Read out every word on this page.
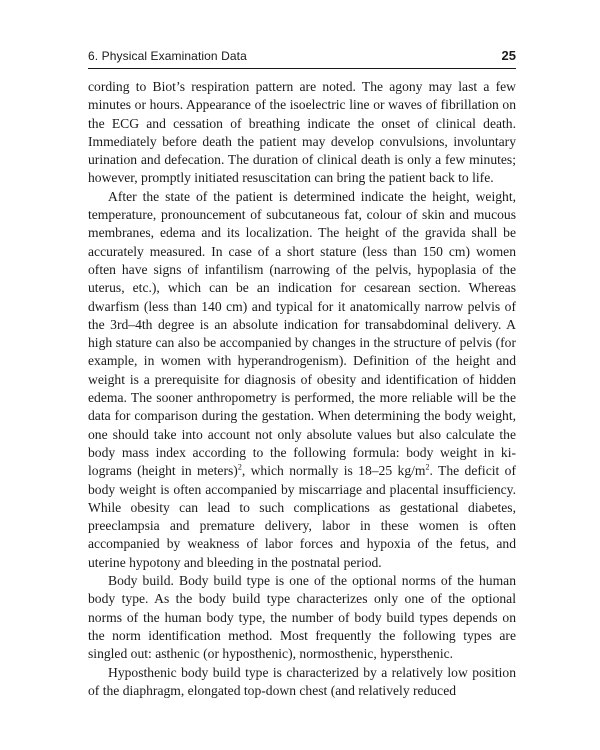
6. Physical Examination Data	25

cording to Biot’s respiration pattern are noted. The agony may last a few minutes or hours. Appearance of the isoelectric line or waves of fibrillation on the ECG and cessation of breathing indicate the onset of clinical death. Immediately before death the patient may develop convulsions, involuntary urination and defecation. The duration of clinical death is only a few minutes; however, promptly initiated resuscitation can bring the patient back to life.

After the state of the patient is determined indicate the height, weight, temperature, pronouncement of subcutaneous fat, colour of skin and mucous membranes, edema and its localization. The height of the gravida shall be accurately measured. In case of a short stature (less than 150 cm) women often have signs of infantilism (narrowing of the pelvis, hypoplasia of the uterus, etc.), which can be an indication for cesarean section. Whereas dwarfism (less than 140 cm) and typical for it anatomically narrow pelvis of the 3rd–4th degree is an absolute indication for transabdominal delivery. A high stature can also be accompanied by changes in the structure of pelvis (for example, in women with hyperandrogenism). Definition of the height and weight is a prerequisite for diagnosis of obesity and identification of hidden edema. The sooner anthropometry is performed, the more reliable will be the data for comparison during the gestation. When determining the body weight, one should take into account not only absolute values but also calculate the body mass index according to the following formula: body weight in kilograms (height in meters)$^2$, which normally is 18–25 $kg/m^2$. The deficit of body weight is often accompanied by miscarriage and placental insufficiency. While obesity can lead to such complications as gestational diabetes, preeclampsia and premature delivery, labor in these women is often accompanied by weakness of labor forces and hypoxia of the fetus, and uterine hypotony and bleeding in the postnatal period.

Body build. Body build type is one of the optional norms of the human body type. As the body build type characterizes only one of the optional norms of the human body type, the number of body build types depends on the norm identification method. Most frequently the following types are singled out: asthenic (or hyposthenic), normosthenic, hypersthenic.

Hyposthenic body build type is characterized by a relatively low position of the diaphragm, elongated top-down chest (and relatively reduced
